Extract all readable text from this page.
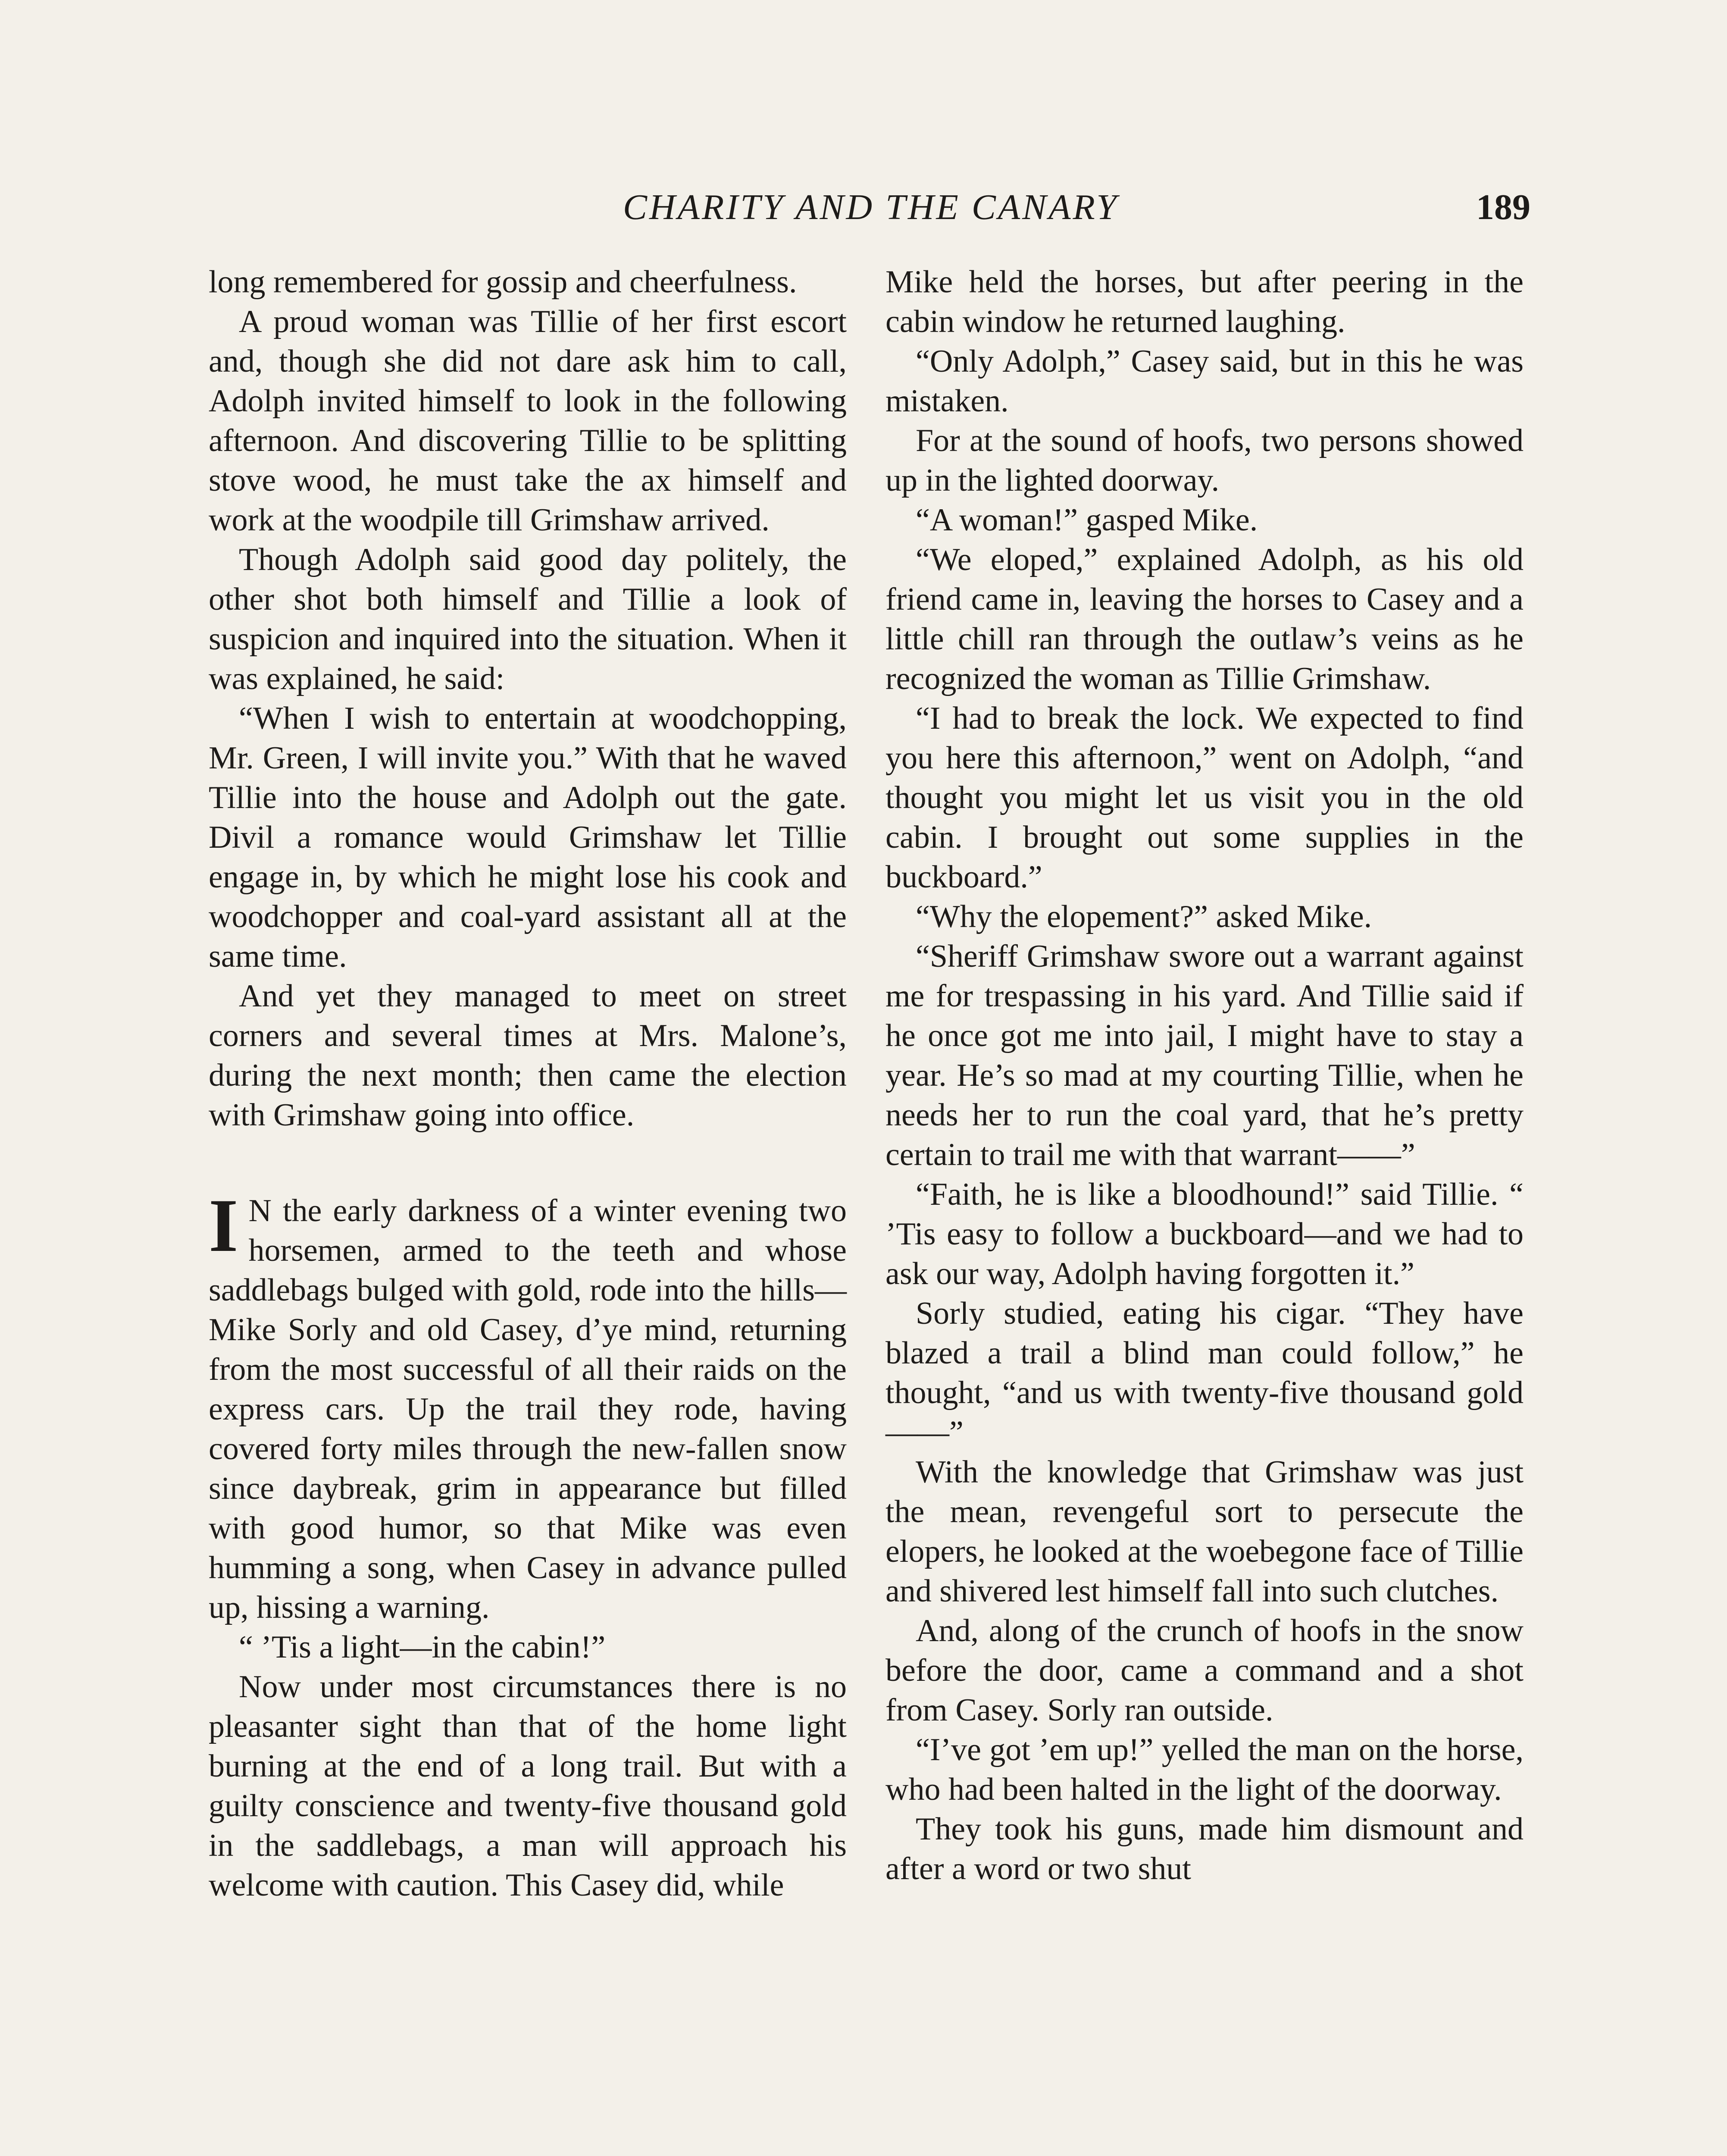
CHARITY AND THE CANARY	189

long remembered for gossip and cheerfulness.

A proud woman was Tillie of her first escort and, though she did not dare ask him to call, Adolph invited himself to look in the following afternoon. And discovering Tillie to be splitting stove wood, he must take the ax himself and work at the woodpile till Grimshaw arrived.

Though Adolph said good day politely, the other shot both himself and Tillie a look of suspicion and inquired into the situation. When it was explained, he said:

“When I wish to entertain at woodchopping, Mr. Green, I will invite you.” With that he waved Tillie into the house and Adolph out the gate. Divil a romance would Grimshaw let Tillie engage in, by which he might lose his cook and woodchopper and coal-yard assistant all at the same time.

And yet they managed to meet on street corners and several times at Mrs. Malone’s, during the next month; then came the election with Grimshaw going into office.

I N the early darkness of a winter evening two horsemen, armed to the teeth and whose saddlebags bulged with gold, rode into the hills—Mike Sorly and old Casey, d’ye mind, returning from the most successful of all their raids on the express cars. Up the trail they rode, having covered forty miles through the new-fallen snow since daybreak, grim in appearance but filled with good humor, so that Mike was even humming a song, when Casey in advance pulled up, hissing a warning.

“ ’Tis a light—in the cabin!”

Now under most circumstances there is no pleasanter sight than that of the home light burning at the end of a long trail. But with a guilty conscience and twenty-five thousand gold in the saddlebags, a man will approach his welcome with caution. This Casey did, while

Mike held the horses, but after peering in the cabin window he returned laughing.

“Only Adolph,” Casey said, but in this he was mistaken.

For at the sound of hoofs, two persons showed up in the lighted doorway.

“A woman!” gasped Mike.

“We eloped,” explained Adolph, as his old friend came in, leaving the horses to Casey and a little chill ran through the outlaw’s veins as he recognized the woman as Tillie Grimshaw.

“I had to break the lock. We expected to find you here this afternoon,” went on Adolph, “and thought you might let us visit you in the old cabin. I brought out some supplies in the buckboard.”

“Why the elopement?” asked Mike.

“Sheriff Grimshaw swore out a warrant against me for trespassing in his yard. And Tillie said if he once got me into jail, I might have to stay a year. He’s so mad at my courting Tillie, when he needs her to run the coal yard, that he’s pretty certain to trail me with that warrant——”

“Faith, he is like a bloodhound!” said Tillie. “ ’Tis easy to follow a buckboard—and we had to ask our way, Adolph having forgotten it.”

Sorly studied, eating his cigar. “They have blazed a trail a blind man could follow,” he thought, “and us with twenty-five thousand gold——”

With the knowledge that Grimshaw was just the mean, revengeful sort to persecute the elopers, he looked at the woebegone face of Tillie and shivered lest himself fall into such clutches.

And, along of the crunch of hoofs in the snow before the door, came a command and a shot from Casey. Sorly ran outside.

“I’ve got ’em up!” yelled the man on the horse, who had been halted in the light of the doorway.

They took his guns, made him dismount and after a word or two shut
